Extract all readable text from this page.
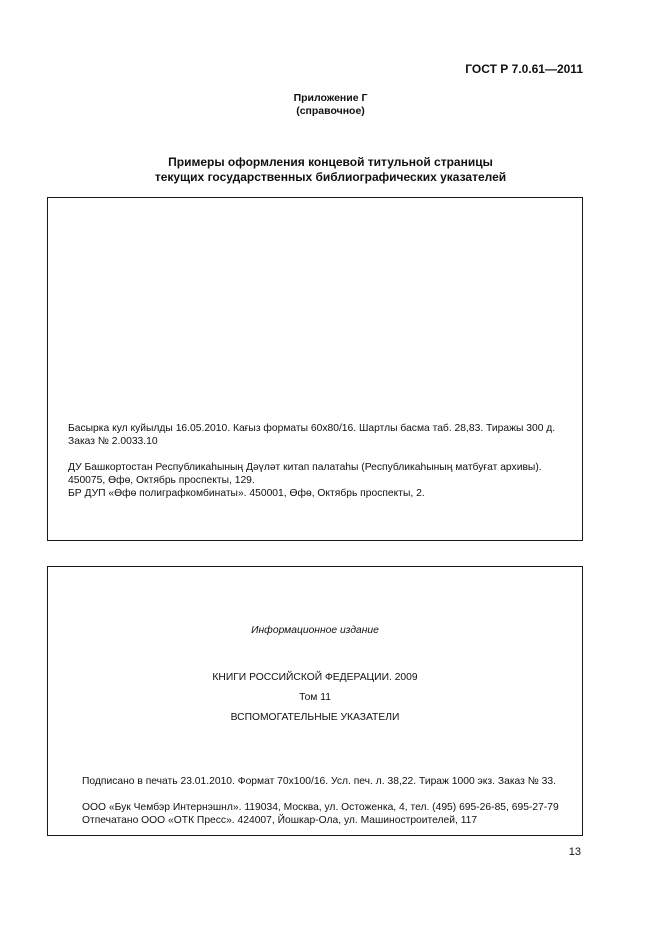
ГОСТ Р 7.0.61—2011
Приложение Г
(справочное)
Примеры оформления концевой титульной страницы
текущих государственных библиографических указателей
Басырка кул куйылды 16.05.2010. Кағыз форматы 60х80/16. Шартлы басма таб. 28,83. Тиражы 300 д.
Заказ № 2.0033.10
ДУ Башкортостан Республикаһының Дәүләт китап палатаһы (Республикаһының матбуғат архивы).
450075, Өфө, Октябрь проспекты, 129.
БР ДУП «Өфө полиграфкомбинаты». 450001, Өфө, Октябрь проспекты, 2.
Информационное издание
КНИГИ РОССИЙСКОЙ ФЕДЕРАЦИИ. 2009
Том 11
ВСПОМОГАТЕЛЬНЫЕ УКАЗАТЕЛИ
Подписано в печать 23.01.2010. Формат 70х100/16. Усл. печ. л. 38,22. Тираж 1000 экз. Заказ № 33.
ООО «Бук Чембэр Интернэшнл». 119034, Москва, ул. Остоженка, 4, тел. (495) 695-26-85, 695-27-79
Отпечатано ООО «ОТК Пресс». 424007, Йошкар-Ола, ул. Машиностроителей, 117
13
